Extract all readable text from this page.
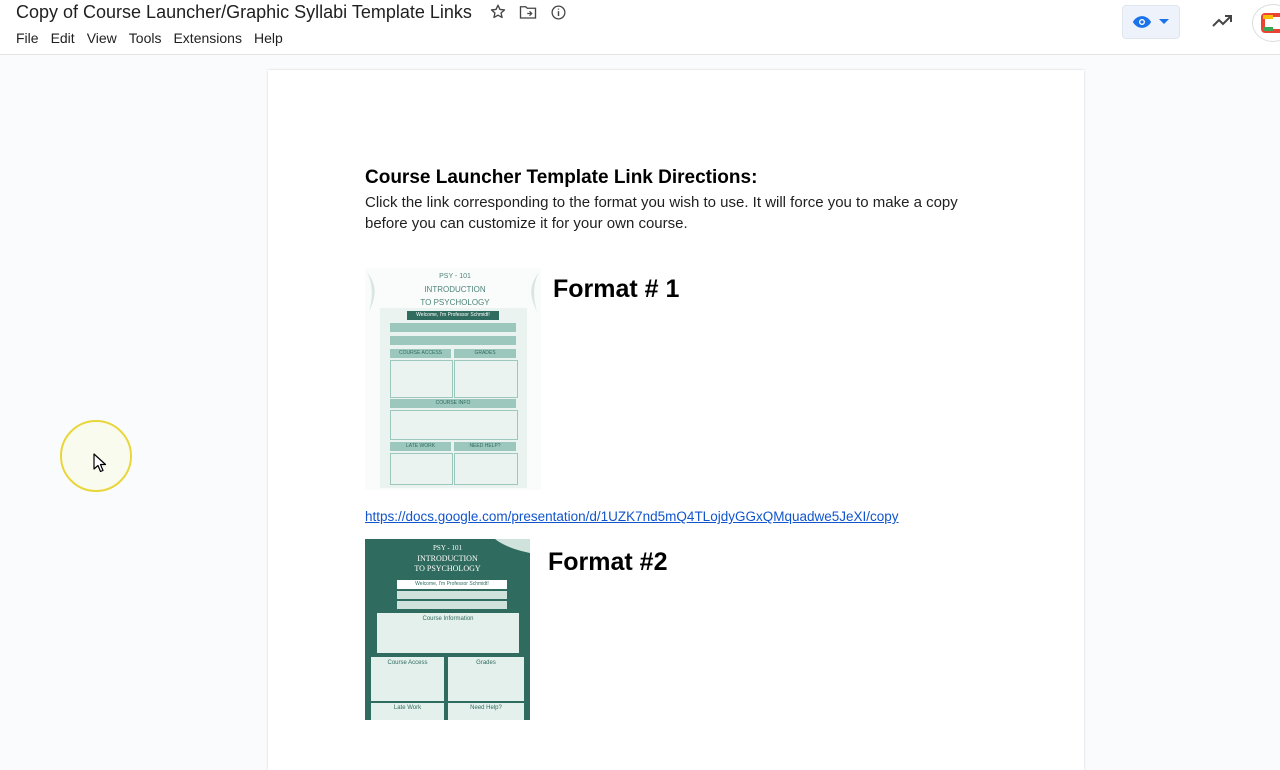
Copy of Course Launcher/Graphic Syllabi Template Links
File Edit View Tools Extensions Help
Course Launcher Template Link Directions:
Click the link corresponding to the format you wish to use. It will force you to make a copy before you can customize it for your own course.
PSY - 101
INTRODUCTION
TO PSYCHOLOGY
Welcome, I'm Professor Schmidt!
COURSE ACCESS	GRADES
COURSE INFO
LATE WORK	NEED HELP?
Format # 1
https://docs.google.com/presentation/d/1UZK7nd5mQ4TLojdyGGxQMquadwe5JeXI/copy
PSY - 101
INTRODUCTION
TO PSYCHOLOGY
Welcome, I'm Professor Schmidt!
Course Information
Course Access	Grades
Late Work	Need Help?
Format #2
